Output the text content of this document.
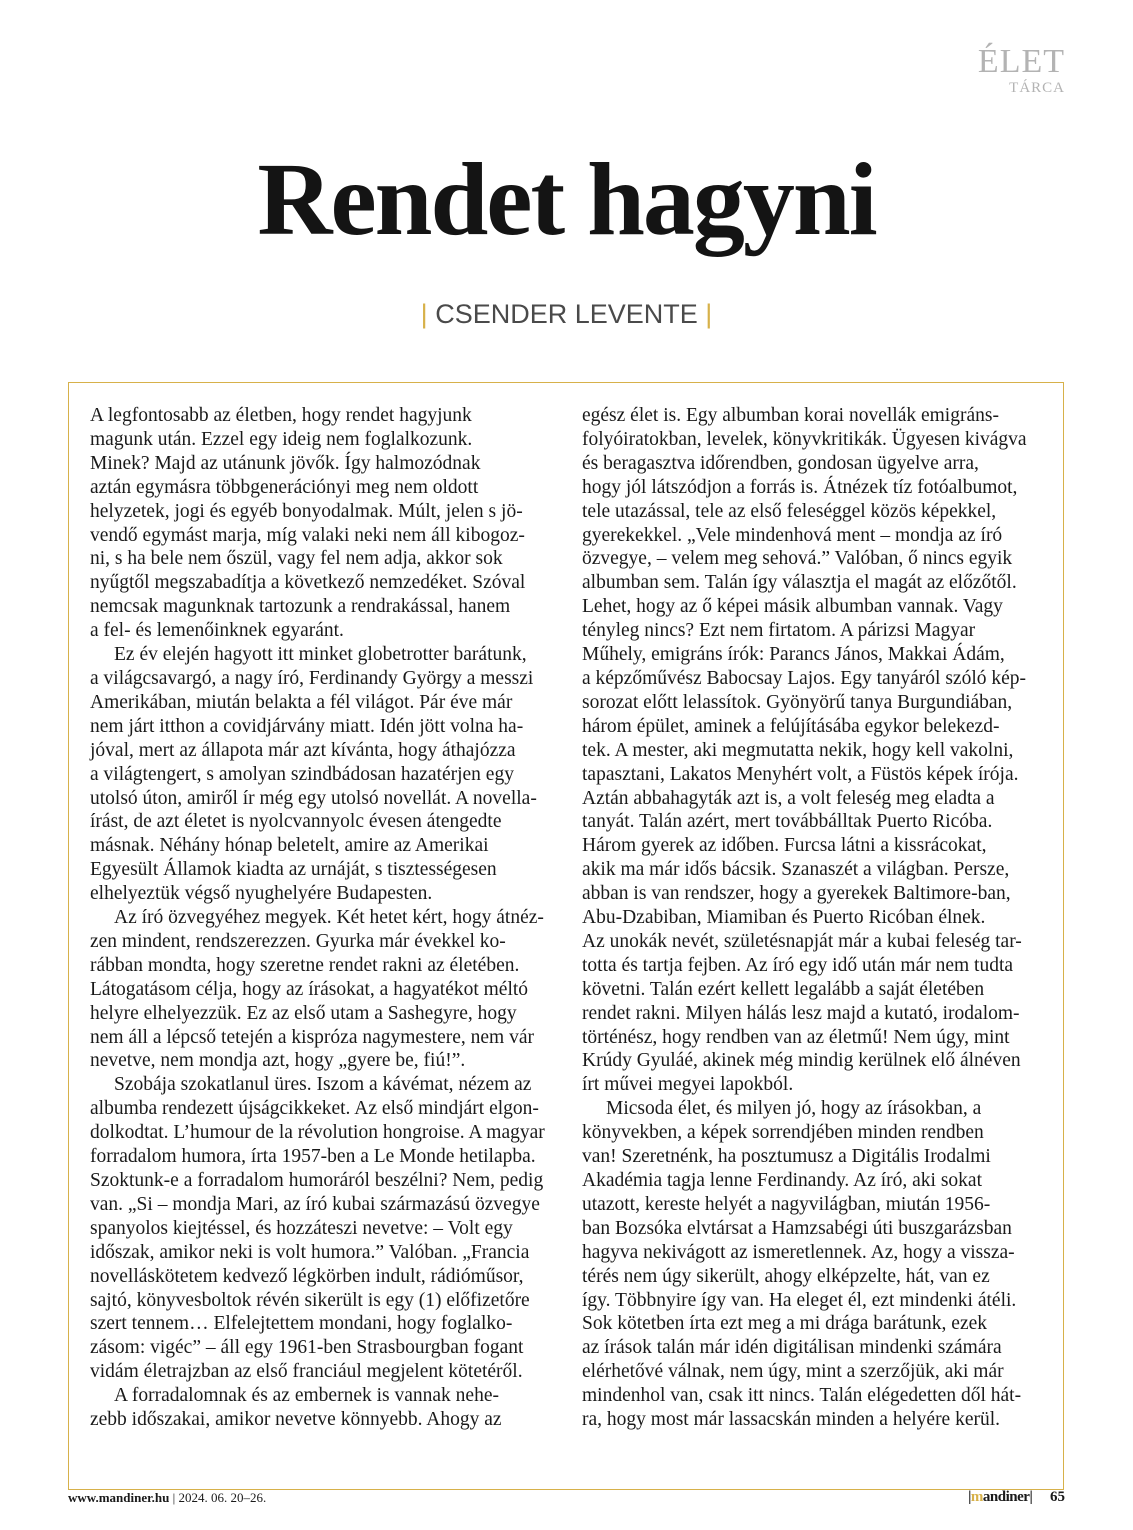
ÉLET
TÁRCA
Rendet hagyni
| CSENDER LEVENTE |

A legfontosabb az életben, hogy rendet hagyjunk
magunk után. Ezzel egy ideig nem foglalkozunk.
Minek? Majd az utánunk jövők. Így halmozódnak
aztán egymásra többgenerációnyi meg nem oldott
helyzetek, jogi és egyéb bonyodalmak. Múlt, jelen s jö-
vendő egymást marja, míg valaki neki nem áll kibogoz-
ni, s ha bele nem őszül, vagy fel nem adja, akkor sok
nyűgtől megszabadítja a következő nemzedéket. Szóval
nemcsak magunknak tartozunk a rendrakással, hanem
a fel- és lemenőinknek egyaránt.

Ez év elején hagyott itt minket globetrotter barátunk,
a világcsavargó, a nagy író, Ferdinandy György a messzi
Amerikában, miután belakta a fél világot. Pár éve már
nem járt itthon a covidjárvány miatt. Idén jött volna ha-
jóval, mert az állapota már azt kívánta, hogy áthajózza
a világtengert, s amolyan szindbádosan hazatérjen egy
utolsó úton, amiről ír még egy utolsó novellát. A novella-
írást, de azt életet is nyolcvannyolc évesen átengedte
másnak. Néhány hónap beletelt, amire az Amerikai
Egyesült Államok kiadta az urnáját, s tisztességesen
elhelyeztük végső nyughelyére Budapesten.

Az író özvegyéhez megyek. Két hetet kért, hogy átnéz-
zen mindent, rendszerezzen. Gyurka már évekkel ko-
rábban mondta, hogy szeretne rendet rakni az életében.
Látogatásom célja, hogy az írásokat, a hagyatékot méltó
helyre elhelyezzük. Ez az első utam a Sashegyre, hogy
nem áll a lépcső tetején a kispróza nagymestere, nem vár
nevetve, nem mondja azt, hogy „gyere be, fiú!”.

Szobája szokatlanul üres. Iszom a kávémat, nézem az
albumba rendezett újságcikkeket. Az első mindjárt elgon-
dolkodtat. L’humour de la révolution hongroise. A magyar
forradalom humora, írta 1957-ben a Le Monde hetilapba.
Szoktunk-e a forradalom humoráról beszélni? Nem, pedig
van. „Si – mondja Mari, az író kubai származású özvegye
spanyolos kiejtéssel, és hozzáteszi nevetve: – Volt egy
időszak, amikor neki is volt humora.” Valóban. „Francia
novelláskötetem kedvező légkörben indult, rádióműsor,
sajtó, könyvesboltok révén sikerült is egy (1) előfizetőre
szert tennem… Elfelejtettem mondani, hogy foglalko-
zásom: vigéc” – áll egy 1961-ben Strasbourgban fogant
vidám életrajzban az első franciául megjelent kötetéről.

A forradalomnak és az embernek is vannak nehe-
zebb időszakai, amikor nevetve könnyebb. Ahogy az

egész élet is. Egy albumban korai novellák emigráns-
folyóiratokban, levelek, könyvkritikák. Ügyesen kivágva
és beragasztva időrendben, gondosan ügyelve arra,
hogy jól látszódjon a forrás is. Átnézek tíz fotóalbumot,
tele utazással, tele az első feleséggel közös képekkel,
gyerekekkel. „Vele mindenhová ment – mondja az író
özvegye, – velem meg sehová.” Valóban, ő nincs egyik
albumban sem. Talán így választja el magát az előzőtől.
Lehet, hogy az ő képei másik albumban vannak. Vagy
tényleg nincs? Ezt nem firtatom. A párizsi Magyar
Műhely, emigráns írók: Parancs János, Makkai Ádám,
a képzőművész Babocsay Lajos. Egy tanyáról szóló kép-
sorozat előtt lelassítok. Gyönyörű tanya Burgundiában,
három épület, aminek a felújításába egykor belekezd-
tek. A mester, aki megmutatta nekik, hogy kell vakolni,
tapasztani, Lakatos Menyhért volt, a Füstös képek írója.
Aztán abbahagyták azt is, a volt feleség meg eladta a
tanyát. Talán azért, mert továbbálltak Puerto Ricóba.
Három gyerek az időben. Furcsa látni a kissrácokat,
akik ma már idős bácsik. Szanaszét a világban. Persze,
abban is van rendszer, hogy a gyerekek Baltimore-ban,
Abu-Dzabiban, Miamiban és Puerto Ricóban élnek.
Az unokák nevét, születésnapját már a kubai feleség tar-
totta és tartja fejben. Az író egy idő után már nem tudta
követni. Talán ezért kellett legalább a saját életében
rendet rakni. Milyen hálás lesz majd a kutató, irodalom-
történész, hogy rendben van az életmű! Nem úgy, mint
Krúdy Gyuláé, akinek még mindig kerülnek elő álnéven
írt művei megyei lapokból.

Micsoda élet, és milyen jó, hogy az írásokban, a
könyvekben, a képek sorrendjében minden rendben
van! Szeretnénk, ha posztumusz a Digitális Irodalmi
Akadémia tagja lenne Ferdinandy. Az író, aki sokat
utazott, kereste helyét a nagyvilágban, miután 1956-
ban Bozsóka elvtársat a Hamzsabégi úti buszgarázsban
hagyva nekivágott az ismeretlennek. Az, hogy a vissza-
térés nem úgy sikerült, ahogy elképzelte, hát, van ez
így. Többnyire így van. Ha eleget él, ezt mindenki átéli.
Sok kötetben írta ezt meg a mi drága barátunk, ezek
az írások talán már idén digitálisan mindenki számára
elérhetővé válnak, nem úgy, mint a szerzőjük, aki már
mindenhol van, csak itt nincs. Talán elégedetten dől hát-
ra, hogy most már lassacskán minden a helyére kerül.

www.mandiner.hu | 2024. 06. 20–26.	|mandiner| 65
